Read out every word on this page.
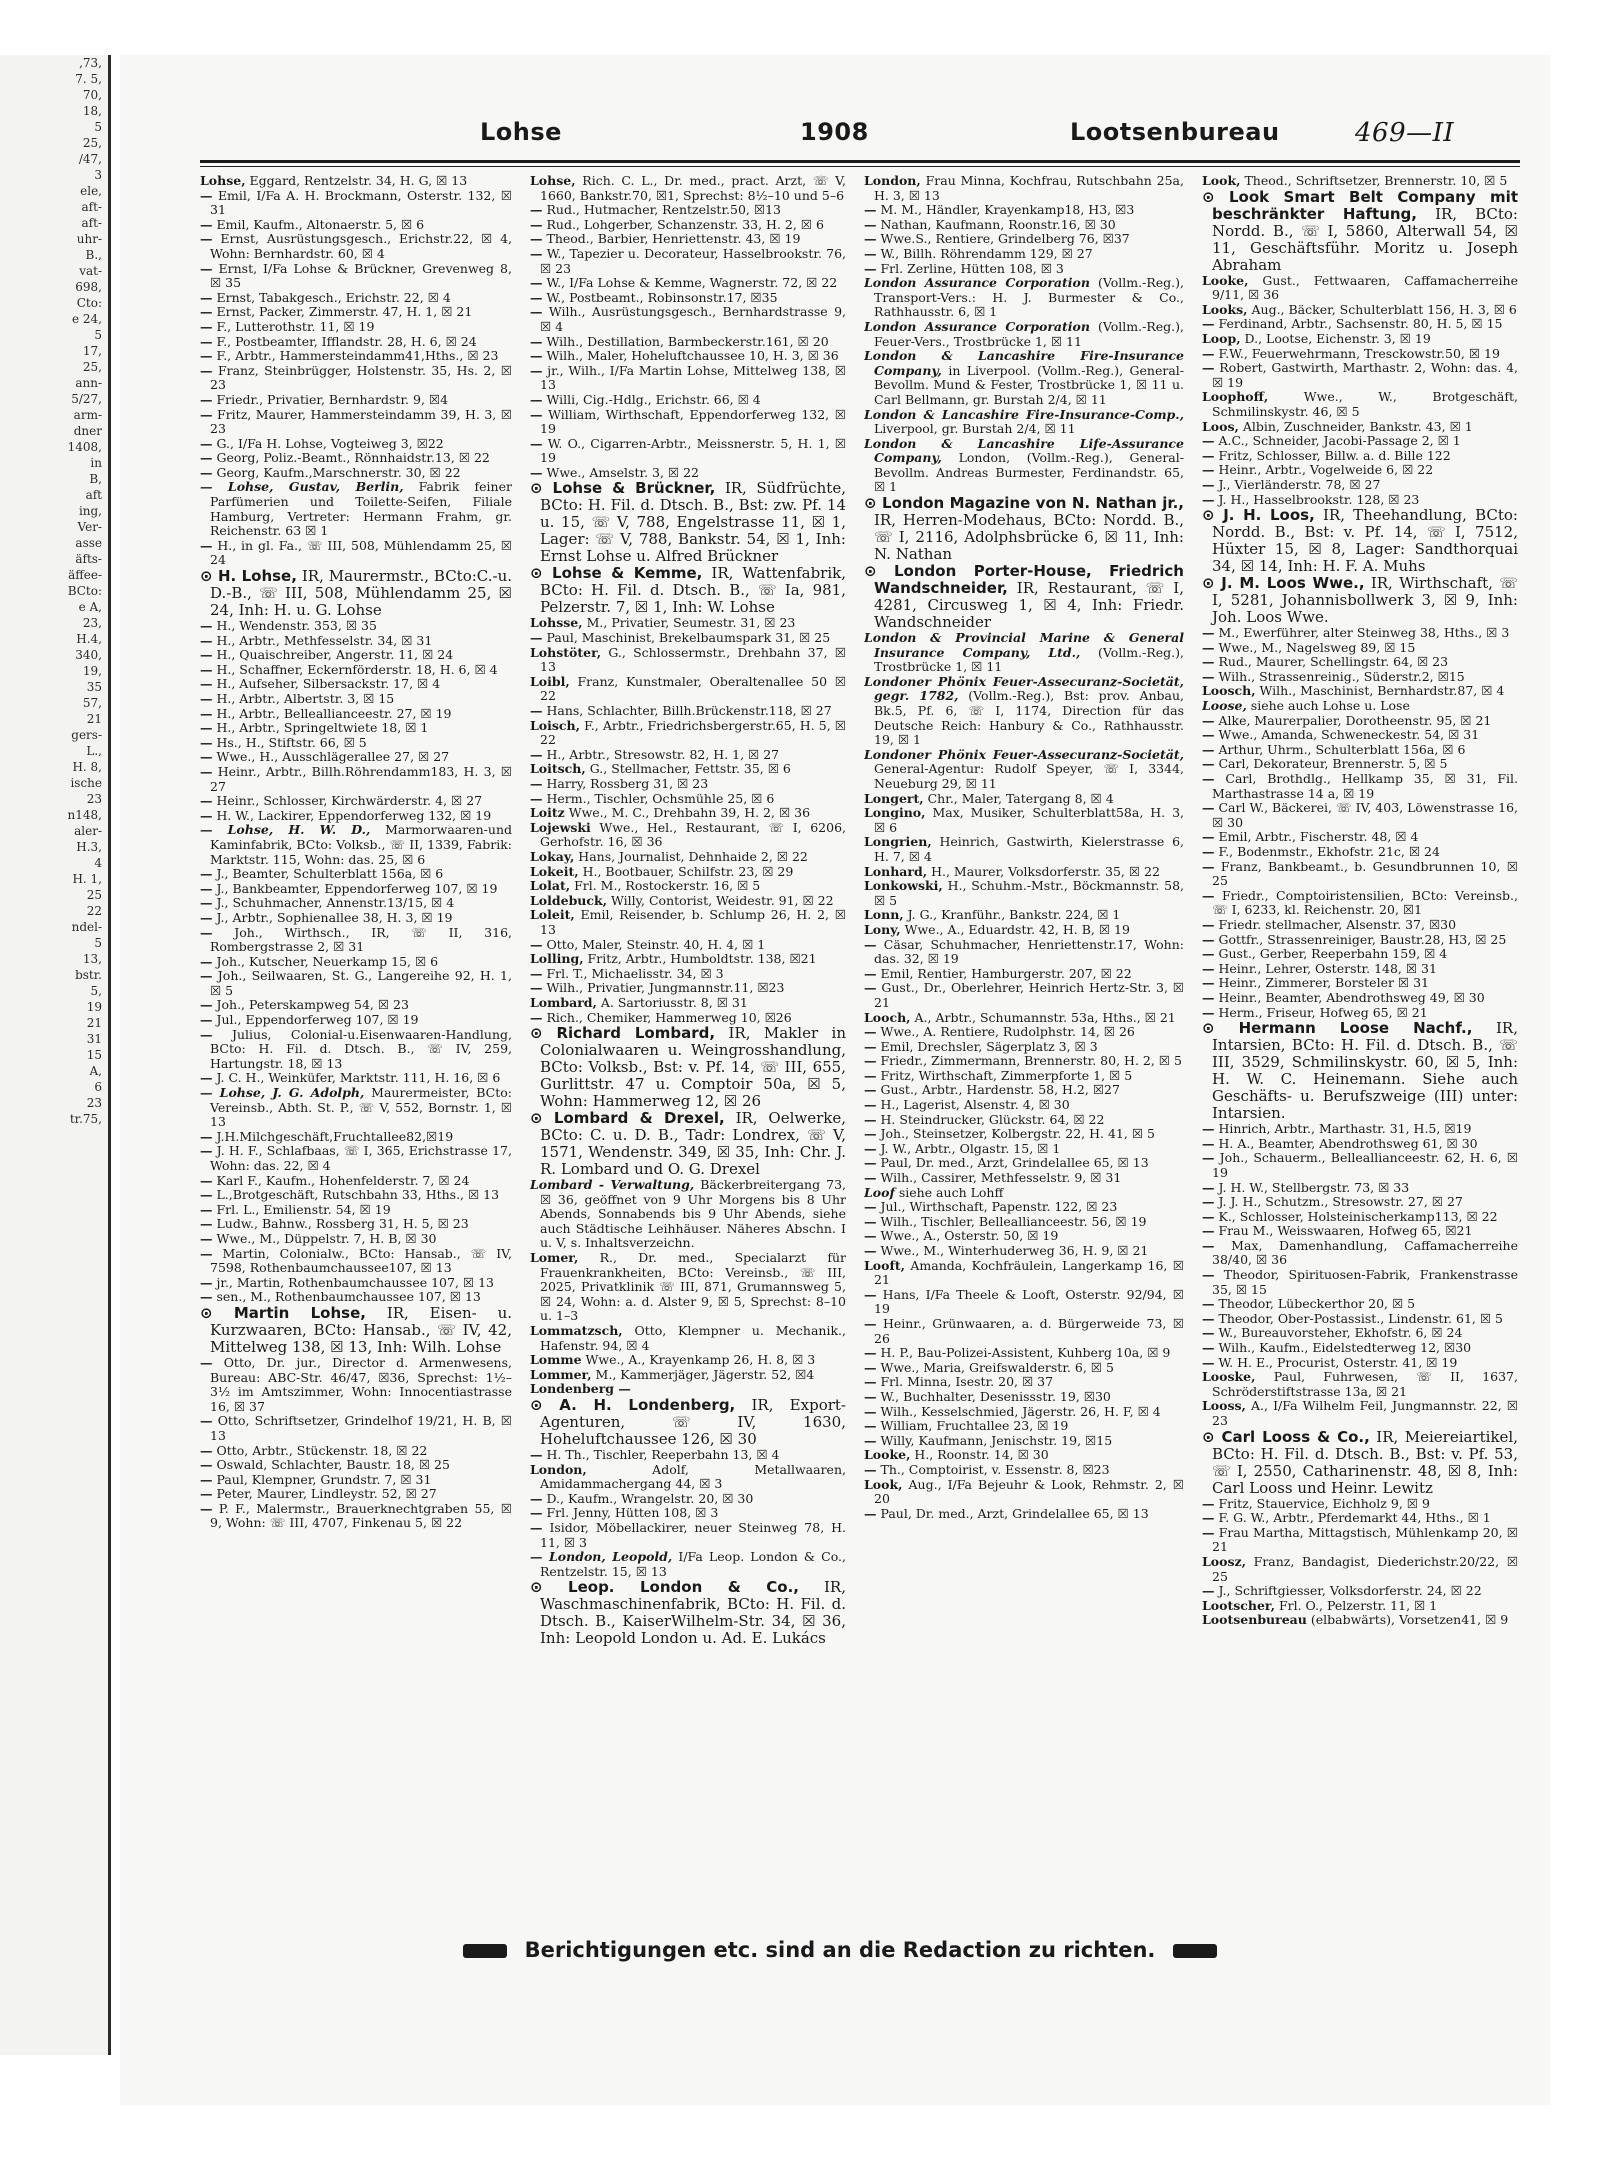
,73,
7. 5,
70,
18,
5
25,
/47,
3
ele,
aft-
aft-
uhr-
B.,
vat-
698,
Cto:
e 24,
5
17,
25,
ann-
5/27,
arm-
dner
1408,
in
B,
aft
ing,
Ver-
asse
äfts-
äffee-
BCto:
e A,
23,
H.4,
340,
19,
35
57,
21
gers-
L.,
H. 8,
ische
23
n148,
aler-
H.3,
4
H. 1,
25
22
ndel-
5
13,
bstr.
5,
19
21
31
15
A,
6
23
tr.75,
Lohse	1908	Lootsenbureau	469—II

Lohse, Eggard, Rentzelstr. 34, H. G, ☒ 13

— Emil, I/Fa A. H. Brockmann, Osterstr. 132, ☒ 31

— Emil, Kaufm., Altonaerstr. 5, ☒ 6

— Ernst, Ausrüstungsgesch., Erichstr.22, ☒ 4, Wohn: Bernhardstr. 60, ☒ 4

— Ernst, I/Fa Lohse & Brückner, Grevenweg 8, ☒ 35

— Ernst, Tabakgesch., Erichstr. 22, ☒ 4

— Ernst, Packer, Zimmerstr. 47, H. 1, ☒ 21

— F., Lutterothstr. 11, ☒ 19

— F., Postbeamter, Ifflandstr. 28, H. 6, ☒ 24

— F., Arbtr., Hammersteindamm41,Hths., ☒ 23

— Franz, Steinbrügger, Holstenstr. 35, Hs. 2, ☒ 23

— Friedr., Privatier, Bernhardstr. 9, ☒4

— Fritz, Maurer, Hammersteindamm 39, H. 3, ☒ 23

— G., I/Fa H. Lohse, Vogteiweg 3, ☒22

— Georg, Poliz.-Beamt., Rönnhaidstr.13, ☒ 22

— Georg, Kaufm.,Marschnerstr. 30, ☒ 22

— Lohse, Gustav, Berlin, Fabrik feiner Parfümerien und Toilette-Seifen, Filiale Hamburg, Vertreter: Hermann Frahm, gr. Reichenstr. 63 ☒ 1

— H., in gl. Fa., ☏ III, 508, Mühlendamm 25, ☒ 24

⊙ H. Lohse, IR, Maurermstr., BCto:C.-u. D.-B., ☏ III, 508, Mühlendamm 25, ☒ 24, Inh: H. u. G. Lohse

— H., Wendenstr. 353, ☒ 35

— H., Arbtr., Methfesselstr. 34, ☒ 31

— H., Quaischreiber, Angerstr. 11, ☒ 24

— H., Schaffner, Eckernförderstr. 18, H. 6, ☒ 4

— H., Aufseher, Silbersackstr. 17, ☒ 4

— H., Arbtr., Albertstr. 3, ☒ 15

— H., Arbtr., Belleallianceestr. 27, ☒ 19

— H., Arbtr., Springeltwiete 18, ☒ 1

— Hs., H., Stiftstr. 66, ☒ 5

— Wwe., H., Ausschlägerallee 27, ☒ 27

— Heinr., Arbtr., Billh.Röhrendamm183, H. 3, ☒ 27

— Heinr., Schlosser, Kirchwärderstr. 4, ☒ 27

— H. W., Lackirer, Eppendorferweg 132, ☒ 19

— Lohse, H. W. D., Marmorwaaren-und Kaminfabrik, BCto: Volksb., ☏ II, 1339, Fabrik: Marktstr. 115, Wohn: das. 25, ☒ 6

— J., Beamter, Schulterblatt 156a, ☒ 6

— J., Bankbeamter, Eppendorferweg 107, ☒ 19

— J., Schuhmacher, Annenstr.13/15, ☒ 4

— J., Arbtr., Sophienallee 38, H. 3, ☒ 19

— Joh., Wirthsch., IR, ☏ II, 316, Rombergstrasse 2, ☒ 31

— Joh., Kutscher, Neuerkamp 15, ☒ 6

— Joh., Seilwaaren, St. G., Langereihe 92, H. 1, ☒ 5

— Joh., Peterskampweg 54, ☒ 23

— Jul., Eppendorferweg 107, ☒ 19

— Julius, Colonial-u.Eisenwaaren-Handlung, BCto: H. Fil. d. Dtsch. B., ☏ IV, 259, Hartungstr. 18, ☒ 13

— J. C. H., Weinküfer, Marktstr. 111, H. 16, ☒ 6

— Lohse, J. G. Adolph, Maurermeister, BCto: Vereinsb., Abth. St. P., ☏ V, 552, Bornstr. 1, ☒ 13

— J.H.Milchgeschäft,Fruchtallee82,☒19

— J. H. F., Schlafbaas, ☏ I, 365, Erichstrasse 17, Wohn: das. 22, ☒ 4

— Karl F., Kaufm., Hohenfelderstr. 7, ☒ 24

— L.,Brotgeschäft, Rutschbahn 33, Hths., ☒ 13

— Frl. L., Emilienstr. 54, ☒ 19

— Ludw., Bahnw., Rossberg 31, H. 5, ☒ 23

— Wwe., M., Düppelstr. 7, H. B, ☒ 30

— Martin, Colonialw., BCto: Hansab., ☏ IV, 7598, Rothenbaumchaussee107, ☒ 13

— jr., Martin, Rothenbaumchaussee 107, ☒ 13

— sen., M., Rothenbaumchaussee 107, ☒ 13

⊙ Martin Lohse, IR, Eisen- u. Kurzwaaren, BCto: Hansab., ☏ IV, 42, Mittelweg 138, ☒ 13, Inh: Wilh. Lohse

— Otto, Dr. jur., Director d. Armenwesens, Bureau: ABC-Str. 46/47, ☒36, Sprechst: 1½–3½ im Amtszimmer, Wohn: Innocentiastrasse 16, ☒ 37

— Otto, Schriftsetzer, Grindelhof 19/21, H. B, ☒ 13

— Otto, Arbtr., Stückenstr. 18, ☒ 22

— Oswald, Schlachter, Baustr. 18, ☒ 25

— Paul, Klempner, Grundstr. 7, ☒ 31

— Peter, Maurer, Lindleystr. 52, ☒ 27

— P. F., Malermstr., Brauerknechtgraben 55, ☒ 9, Wohn: ☏ III, 4707, Finkenau 5, ☒ 22

Lohse, Rich. C. L., Dr. med., pract. Arzt, ☏ V, 1660, Bankstr.70, ☒1, Sprechst: 8½–10 und 5–6

— Rud., Hutmacher, Rentzelstr.50, ☒13

— Rud., Lohgerber, Schanzenstr. 33, H. 2, ☒ 6

— Theod., Barbier, Henriettenstr. 43, ☒ 19

— W., Tapezier u. Decorateur, Hasselbrookstr. 76, ☒ 23

— W., I/Fa Lohse & Kemme, Wagnerstr. 72, ☒ 22

— W., Postbeamt., Robinsonstr.17, ☒35

— Wilh., Ausrüstungsgesch., Bernhardstrasse 9, ☒ 4

— Wilh., Destillation, Barmbeckerstr.161, ☒ 20

— Wilh., Maler, Hoheluftchaussee 10, H. 3, ☒ 36

— jr., Wilh., I/Fa Martin Lohse, Mittelweg 138, ☒ 13

— Willi, Cig.-Hdlg., Erichstr. 66, ☒ 4

— William, Wirthschaft, Eppendorferweg 132, ☒ 19

— W. O., Cigarren-Arbtr., Meissnerstr. 5, H. 1, ☒ 19

— Wwe., Amselstr. 3, ☒ 22

⊙ Lohse & Brückner, IR, Südfrüchte, BCto: H. Fil. d. Dtsch. B., Bst: zw. Pf. 14 u. 15, ☏ V, 788, Engelstrasse 11, ☒ 1, Lager: ☏ V, 788, Bankstr. 54, ☒ 1, Inh: Ernst Lohse u. Alfred Brückner

⊙ Lohse & Kemme, IR, Wattenfabrik, BCto: H. Fil. d. Dtsch. B., ☏ Ia, 981, Pelzerstr. 7, ☒ 1, Inh: W. Lohse

Lohsse, M., Privatier, Seumestr. 31, ☒ 23

— Paul, Maschinist, Brekelbaumspark 31, ☒ 25

Lohstöter, G., Schlossermstr., Drehbahn 37, ☒ 13

Loibl, Franz, Kunstmaler, Oberaltenallee 50 ☒ 22

— Hans, Schlachter, Billh.Brückenstr.118, ☒ 27

Loisch, F., Arbtr., Friedrichsbergerstr.65, H. 5, ☒ 22

— H., Arbtr., Stresowstr. 82, H. 1, ☒ 27

Loitsch, G., Stellmacher, Fettstr. 35, ☒ 6

— Harry, Rossberg 31, ☒ 23

— Herm., Tischler, Ochsmühle 25, ☒ 6

Loitz Wwe., M. C., Drehbahn 39, H. 2, ☒ 36

Lojewski Wwe., Hel., Restaurant, ☏ I, 6206, Gerhofstr. 16, ☒ 36

Lokay, Hans, Journalist, Dehnhaide 2, ☒ 22

Lokeit, H., Bootbauer, Schilfstr. 23, ☒ 29

Lolat, Frl. M., Rostockerstr. 16, ☒ 5

Loldebuck, Willy, Contorist, Weidestr. 91, ☒ 22

Loleit, Emil, Reisender, b. Schlump 26, H. 2, ☒ 13

— Otto, Maler, Steinstr. 40, H. 4, ☒ 1

Lolling, Fritz, Arbtr., Humboldtstr. 138, ☒21

— Frl. T., Michaelisstr. 34, ☒ 3

— Wilh., Privatier, Jungmannstr.11, ☒23

Lombard, A. Sartoriusstr. 8, ☒ 31

— Rich., Chemiker, Hammerweg 10, ☒26

⊙ Richard Lombard, IR, Makler in Colonialwaaren u. Weingrosshandlung, BCto: Volksb., Bst: v. Pf. 14, ☏ III, 655, Gurlittstr. 47 u. Comptoir 50a, ☒ 5, Wohn: Hammerweg 12, ☒ 26

⊙ Lombard & Drexel, IR, Oelwerke, BCto: C. u. D. B., Tadr: Londrex, ☏ V, 1571, Wendenstr. 349, ☒ 35, Inh: Chr. J. R. Lombard und O. G. Drexel

Lombard - Verwaltung, Bäckerbreitergang 73, ☒ 36, geöffnet von 9 Uhr Morgens bis 8 Uhr Abends, Sonnabends bis 9 Uhr Abends, siehe auch Städtische Leihhäuser. Näheres Abschn. I u. V, s. Inhaltsverzeichn.

Lomer, R., Dr. med., Specialarzt für Frauenkrankheiten, BCto: Vereinsb., ☏ III, 2025, Privatklinik ☏ III, 871, Grumannsweg 5, ☒ 24, Wohn: a. d. Alster 9, ☒ 5, Sprechst: 8–10 u. 1–3

Lommatzsch, Otto, Klempner u. Mechanik., Hafenstr. 94, ☒ 4

Lomme Wwe., A., Krayenkamp 26, H. 8, ☒ 3

Lommer, M., Kammerjäger, Jägerstr. 52, ☒4

Londenberg —

⊙ A. H. Londenberg, IR, Export-Agenturen, ☏ IV, 1630, Hoheluftchaussee 126, ☒ 30

— H. Th., Tischler, Reeperbahn 13, ☒ 4

London,	Adolf, Metallwaaren, Amidammachergang 44, ☒ 3

— D., Kaufm., Wrangelstr. 20, ☒ 30

— Frl. Jenny, Hütten 108, ☒ 3

— Isidor, Möbellackirer, neuer Steinweg 78, H. 11, ☒ 3

— London, Leopold, I/Fa Leop. London & Co., Rentzelstr. 15, ☒ 13

⊙ Leop. London & Co., IR, Waschmaschinenfabrik, BCto: H. Fil. d. Dtsch. B., KaiserWilhelm-Str. 34, ☒ 36, Inh: Leopold London u. Ad. E. Lukács

London, Frau Minna, Kochfrau, Rutschbahn 25a, H. 3, ☒ 13

— M. M., Händler, Krayenkamp18, H3, ☒3

— Nathan, Kaufmann, Roonstr.16, ☒ 30

— Wwe.S., Rentiere, Grindelberg 76, ☒37

— W., Billh. Röhrendamm 129, ☒ 27

— Frl. Zerline, Hütten 108, ☒ 3

London Assurance Corporation (Vollm.-Reg.), Transport-Vers.: H. J. Burmester & Co., Rathhausstr. 6, ☒ 1

London Assurance Corporation (Vollm.-Reg.), Feuer-Vers., Trostbrücke 1, ☒ 11

London & Lancashire Fire-Insurance Company, in Liverpool. (Vollm.-Reg.), General-Bevollm. Mund & Fester, Trostbrücke 1, ☒ 11 u. Carl Bellmann, gr. Burstah 2/4, ☒ 11

London & Lancashire Fire-Insurance-Comp., Liverpool, gr. Burstah 2/4, ☒ 11

London & Lancashire Life-Assurance Company, London, (Vollm.-Reg.), General-Bevollm. Andreas Burmester, Ferdinandstr. 65, ☒ 1

⊙ London Magazine von N. Nathan jr., IR, Herren-Modehaus, BCto: Nordd. B., ☏ I, 2116, Adolphsbrücke 6, ☒ 11, Inh: N. Nathan

⊙ London Porter-House, Friedrich Wandschneider, IR, Restaurant, ☏ I, 4281, Circusweg 1, ☒ 4, Inh: Friedr. Wandschneider

London & Provincial Marine & General Insurance Company, Ltd., (Vollm.-Reg.), Trostbrücke 1, ☒ 11

Londoner Phönix Feuer-Assecuranz-Societät, gegr. 1782, (Vollm.-Reg.), Bst: prov. Anbau, Bk.5, Pf. 6, ☏ I, 1174, Direction für das Deutsche Reich: Hanbury & Co., Rathhausstr. 19, ☒ 1

Londoner Phönix Feuer-Assecuranz-Societät, General-Agentur: Rudolf Speyer, ☏ I, 3344, Neueburg 29, ☒ 11

Longert, Chr., Maler, Tatergang 8, ☒ 4

Longino, Max, Musiker, Schulterblatt58a, H. 3, ☒ 6

Longrien, Heinrich, Gastwirth, Kielerstrasse 6, H. 7, ☒ 4

Lonhard, H., Maurer, Volksdorferstr. 35, ☒ 22

Lonkowski, H., Schuhm.-Mstr., Böckmannstr. 58, ☒ 5

Lonn, J. G., Kranführ., Bankstr. 224, ☒ 1

Lony, Wwe., A., Eduardstr. 42, H. B, ☒ 19

— Cäsar, Schuhmacher, Henriettenstr.17, Wohn: das. 32, ☒ 19

— Emil, Rentier, Hamburgerstr. 207, ☒ 22

— Gust., Dr., Oberlehrer, Heinrich Hertz-Str. 3, ☒ 21

Looch, A., Arbtr., Schumannstr. 53a, Hths., ☒ 21

— Wwe., A. Rentiere, Rudolphstr. 14, ☒ 26

— Emil, Drechsler, Sägerplatz 3, ☒ 3

— Friedr., Zimmermann, Brennerstr. 80, H. 2, ☒ 5

— Fritz, Wirthschaft, Zimmerpforte 1, ☒ 5

— Gust., Arbtr., Hardenstr. 58, H.2, ☒27

— H., Lagerist, Alsenstr. 4, ☒ 30

— H. Steindrucker, Glückstr. 64, ☒ 22

— Joh., Steinsetzer, Kolbergstr. 22, H. 41, ☒ 5

— J. W., Arbtr., Olgastr. 15, ☒ 1

— Paul, Dr. med., Arzt, Grindelallee 65, ☒ 13

— Wilh., Cassirer, Methfesselstr. 9, ☒ 31

Loof siehe auch Lohff

— Jul., Wirthschaft, Papenstr. 122, ☒ 23

— Wilh., Tischler, Belleallianceestr. 56, ☒ 19

— Wwe., A., Osterstr. 50, ☒ 19

— Wwe., M., Winterhuderweg 36, H. 9, ☒ 21

Looft, Amanda, Kochfräulein, Langerkamp 16, ☒ 21

— Hans, I/Fa Theele & Looft, Osterstr. 92/94, ☒ 19

— Heinr., Grünwaaren, a. d. Bürgerweide 73, ☒ 26

— H. P., Bau-Polizei-Assistent, Kuhberg 10a, ☒ 9

— Wwe., Maria, Greifswalderstr. 6, ☒ 5

— Frl. Minna, Isestr. 20, ☒ 37

— W., Buchhalter, Desenissstr. 19, ☒30

— Wilh., Kesselschmied, Jägerstr. 26, H. F, ☒ 4

— William, Fruchtallee 23, ☒ 19

— Willy, Kaufmann, Jenischstr. 19, ☒15

Looke, H., Roonstr. 14, ☒ 30

— Th., Comptoirist, v. Essenstr. 8, ☒23

Look, Aug., I/Fa Bejeuhr & Look, Rehmstr. 2, ☒ 20

— Paul, Dr. med., Arzt, Grindelallee 65, ☒ 13

Look, Theod., Schriftsetzer, Brennerstr. 10, ☒ 5

⊙ Look Smart Belt Company mit beschränkter Haftung, IR, BCto: Nordd. B., ☏ I, 5860, Alterwall 54, ☒ 11, Geschäftsführ. Moritz u. Joseph Abraham

Looke, Gust., Fettwaaren, Caffamacherreihe 9/11, ☒ 36

Looks, Aug., Bäcker, Schulterblatt 156, H. 3, ☒ 6

— Ferdinand, Arbtr., Sachsenstr. 80, H. 5, ☒ 15

Loop, D., Lootse, Eichenstr. 3, ☒ 19

— F.W., Feuerwehrmann, Tresckowstr.50, ☒ 19

— Robert, Gastwirth, Marthastr. 2, Wohn: das. 4, ☒ 19

Loophoff,	Wwe., W., Brotgeschäft, Schmilinskystr. 46, ☒ 5

Loos, Albin, Zuschneider, Bankstr. 43, ☒ 1

— A.C., Schneider, Jacobi-Passage 2, ☒ 1

— Fritz, Schlosser, Billw. a. d. Bille 122

— Heinr., Arbtr., Vogelweide 6, ☒ 22

— J., Vierländerstr. 78, ☒ 27

— J. H., Hasselbrookstr. 128, ☒ 23

⊙ J. H. Loos, IR, Theehandlung, BCto: Nordd. B., Bst: v. Pf. 14, ☏ I, 7512, Hüxter 15, ☒ 8, Lager: Sandthorquai 34, ☒ 14, Inh: H. F. A. Muhs

⊙ J. M. Loos Wwe., IR, Wirthschaft, ☏ I, 5281, Johannisbollwerk 3, ☒ 9, Inh: Joh. Loos Wwe.

— M., Ewerführer, alter Steinweg 38, Hths., ☒ 3

— Wwe., M., Nagelsweg 89, ☒ 15

— Rud., Maurer, Schellingstr. 64, ☒ 23

— Wilh., Strassenreinig., Süderstr.2, ☒15

Loosch, Wilh., Maschinist, Bernhardstr.87, ☒ 4

Loose, siehe auch Lohse u. Lose

— Alke, Maurerpalier, Dorotheenstr. 95, ☒ 21

— Wwe., Amanda, Schweneckestr. 54, ☒ 31

— Arthur, Uhrm., Schulterblatt 156a, ☒ 6

— Carl, Dekorateur, Brennerstr. 5, ☒ 5

— Carl, Brothdlg., Hellkamp 35, ☒ 31, Fil. Marthastrasse 14 a, ☒ 19

— Carl W., Bäckerei, ☏ IV, 403, Löwenstrasse 16, ☒ 30

— Emil, Arbtr., Fischerstr. 48, ☒ 4

— F., Bodenmstr., Ekhofstr. 21c, ☒ 24

— Franz, Bankbeamt., b. Gesundbrunnen 10, ☒ 25

— Friedr., Comptoiristensilien, BCto: Vereinsb., ☏ I, 6233, kl. Reichenstr. 20, ☒1

— Friedr. stellmacher, Alsenstr. 37, ☒30

— Gottfr., Strassenreiniger, Baustr.28, H3, ☒ 25

— Gust., Gerber, Reeperbahn 159, ☒ 4

— Heinr., Lehrer, Osterstr. 148, ☒ 31

— Heinr., Zimmerer, Borsteler ☒ 31

— Heinr., Beamter, Abendrothsweg 49, ☒ 30

— Herm., Friseur, Hofweg 65, ☒ 21

⊙ Hermann Loose Nachf., IR, Intarsien, BCto: H. Fil. d. Dtsch. B., ☏ III, 3529, Schmilinskystr. 60, ☒ 5, Inh: H. W. C. Heinemann. Siehe auch Geschäfts- u. Berufszweige (III) unter: Intarsien.

— Hinrich, Arbtr., Marthastr. 31, H.5, ☒19

— H. A., Beamter, Abendrothsweg 61, ☒ 30

— Joh., Schauerm., Belleallianceestr. 62, H. 6, ☒ 19

— J. H. W., Stellbergstr. 73, ☒ 33

— J. J. H., Schutzm., Stresowstr. 27, ☒ 27

— K., Schlosser, Holsteinischerkamp113, ☒ 22

— Frau M., Weisswaaren, Hofweg 65, ☒21

— Max, Damenhandlung, Caffamacherreihe 38/40, ☒ 36

— Theodor, Spirituosen-Fabrik, Frankenstrasse 35, ☒ 15

— Theodor, Lübeckerthor 20, ☒ 5

— Theodor, Ober-Postassist., Lindenstr. 61, ☒ 5

— W., Bureauvorsteher, Ekhofstr. 6, ☒ 24

— Wilh., Kaufm., Eidelstedterweg 12, ☒30

— W. H. E., Procurist, Osterstr. 41, ☒ 19

Looske, Paul, Fuhrwesen, ☏ II, 1637, Schröderstiftstrasse 13a, ☒ 21

Looss, A., I/Fa Wilhelm Feil, Jungmannstr. 22, ☒ 23

⊙ Carl Looss & Co., IR, Meiereiartikel, BCto: H. Fil. d. Dtsch. B., Bst: v. Pf. 53, ☏ I, 2550, Catharinenstr. 48, ☒ 8, Inh: Carl Looss und Heinr. Lewitz

— Fritz, Stauervice, Eichholz 9, ☒ 9

— F. G. W., Arbtr., Pferdemarkt 44, Hths., ☒ 1

— Frau Martha, Mittagstisch, Mühlenkamp 20, ☒ 21

Loosz, Franz, Bandagist, Diederichstr.20/22, ☒ 25

— J., Schriftgiesser, Volksdorferstr. 24, ☒ 22

Lootscher, Frl. O., Pelzerstr. 11, ☒ 1

Lootsenbureau (elbabwärts), Vorsetzen41, ☒ 9

Berichtigungen etc. sind an die Redaction zu richten.
